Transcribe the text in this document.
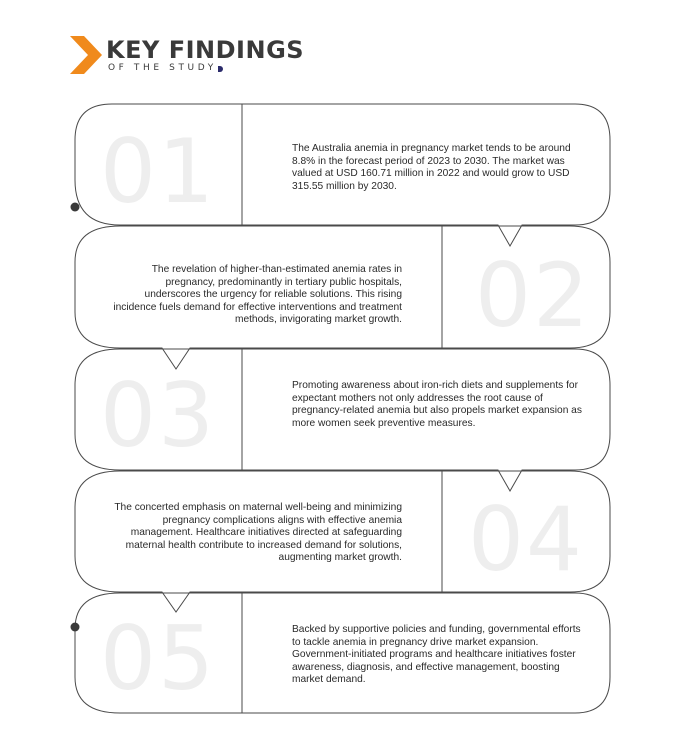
KEY FINDINGS
OF THE STUDY
01	The Australia anemia in pregnancy market tends to be around 8.8% in the forecast period of 2023 to 2030. The market was valued at USD 160.71 million in 2022 and would grow to USD 315.55 million by 2030.
The revelation of higher-than-estimated anemia rates in pregnancy, predominantly in tertiary public hospitals, underscores the urgency for reliable solutions. This rising incidence fuels demand for effective interventions and treatment methods, invigorating market growth. 02
03	Promoting awareness about iron-rich diets and supplements for expectant mothers not only addresses the root cause of pregnancy-related anemia but also propels market expansion as more women seek preventive measures.
The concerted emphasis on maternal well-being and minimizing pregnancy complications aligns with effective anemia management. Healthcare initiatives directed at safeguarding maternal health contribute to increased demand for solutions, augmenting market growth. 04
05	Backed by supportive policies and funding, governmental efforts to tackle anemia in pregnancy drive market expansion. Government-initiated programs and healthcare initiatives foster awareness, diagnosis, and effective management, boosting market demand.
